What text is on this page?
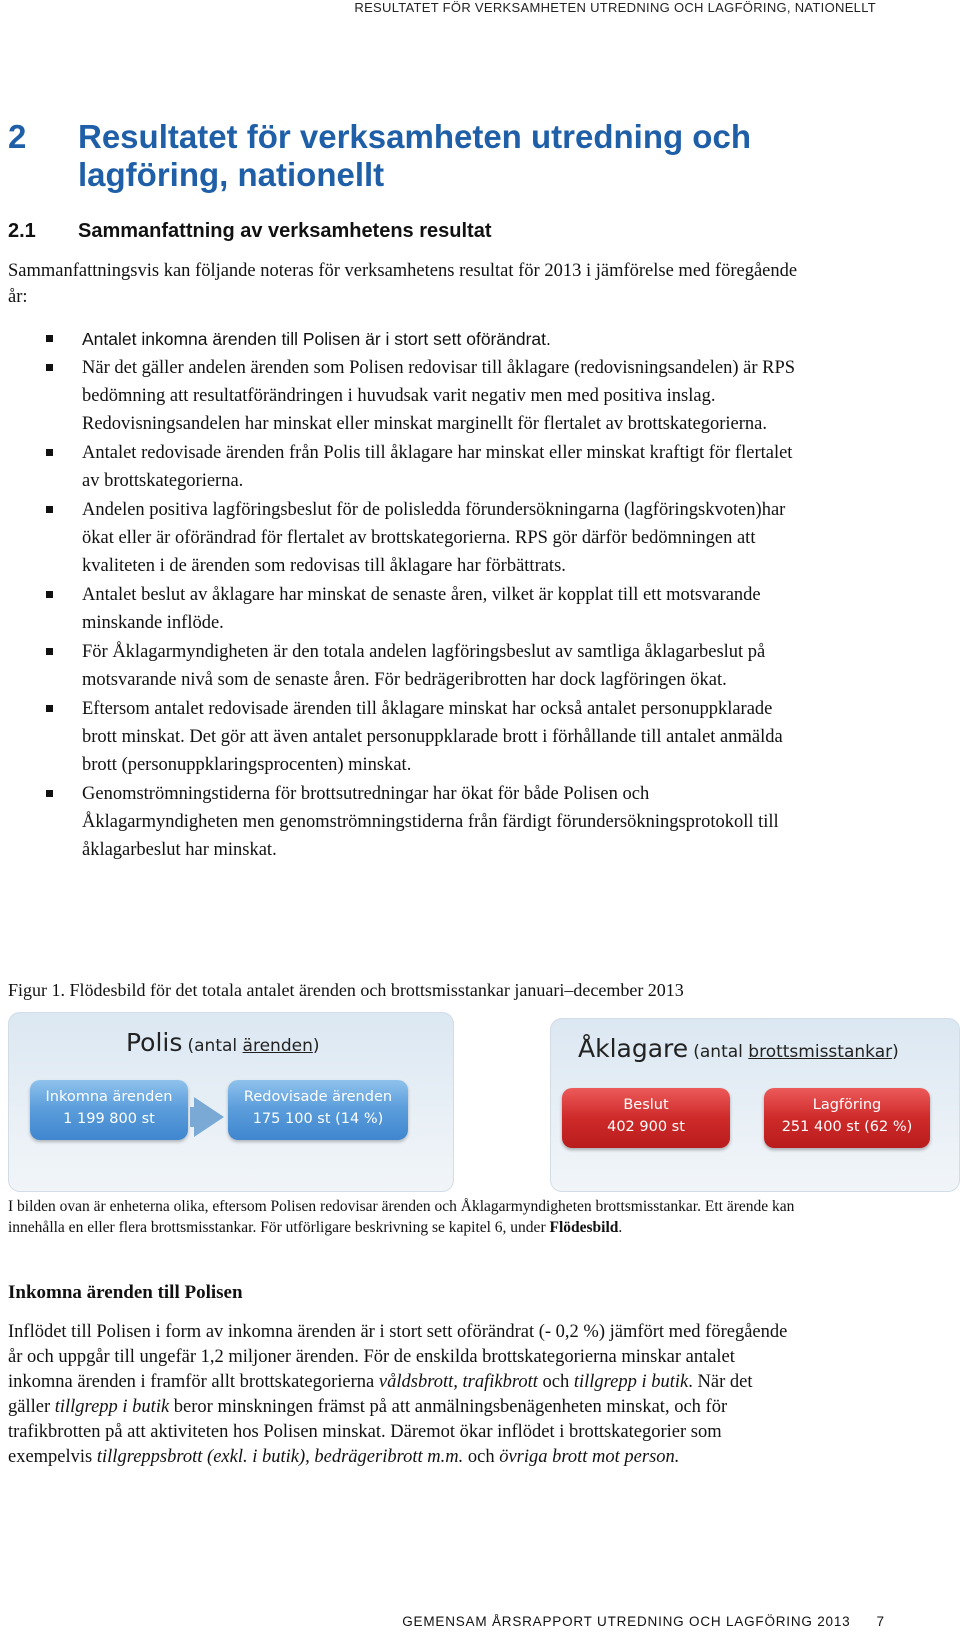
RESULTATET FÖR VERKSAMHETEN UTREDNING OCH LAGFÖRING, NATIONELLT
2 Resultatet för verksamheten utredning och lagföring, nationellt
2.1 Sammanfattning av verksamhetens resultat
Sammanfattningsvis kan följande noteras för verksamhetens resultat för 2013 i jämförelse med föregående år:
Antalet inkomna ärenden till Polisen är i stort sett oförändrat.
När det gäller andelen ärenden som Polisen redovisar till åklagare (redovisningsandelen) är RPS bedömning att resultatförändringen i huvudsak varit negativ men med positiva inslag. Redovisningsandelen har minskat eller minskat marginellt för flertalet av brottskategorierna.
Antalet redovisade ärenden från Polis till åklagare har minskat eller minskat kraftigt för flertalet av brottskategorierna.
Andelen positiva lagföringsbeslut för de polisledda förundersökningarna (lagföringskvoten)har ökat eller är oförändrad för flertalet av brottskategorierna. RPS gör därför bedömningen att kvaliteten i de ärenden som redovisas till åklagare har förbättrats.
Antalet beslut av åklagare har minskat de senaste åren, vilket är kopplat till ett motsvarande minskande inflöde.
För Åklagarmyndigheten är den totala andelen lagföringsbeslut av samtliga åklagarbeslut på motsvarande nivå som de senaste åren. För bedrägeribrotten har dock lagföringen ökat.
Eftersom antalet redovisade ärenden till åklagare minskat har också antalet personuppklarade brott minskat. Det gör att även antalet personuppklarade brott i förhållande till antalet anmälda brott (personuppklaringsprocenten) minskat.
Genomströmningstiderna för brottsutredningar har ökat för både Polisen och Åklagarmyndigheten men genomströmningstiderna från färdigt förundersökningsprotokoll till åklagarbeslut har minskat.
Figur 1. Flödesbild för det totala antalet ärenden och brottsmisstankar januari–december 2013
Polis (antal ärenden)
Inkomna ärenden
1 199 800 st
Redovisade ärenden
175 100 st (14 %)
Åklagare (antal brottsmisstankar)
Beslut
402 900 st
Lagföring
251 400 st (62 %)
I bilden ovan är enheterna olika, eftersom Polisen redovisar ärenden och Åklagarmyndigheten brottsmisstankar. Ett ärende kan innehålla en eller flera brottsmisstankar. För utförligare beskrivning se kapitel 6, under Flödesbild.
Inkomna ärenden till Polisen
Inflödet till Polisen i form av inkomna ärenden är i stort sett oförändrat (- 0,2 %) jämfört med föregående år och uppgår till ungefär 1,2 miljoner ärenden. För de enskilda brottskategorierna minskar antalet inkomna ärenden i framför allt brottskategorierna våldsbrott, trafikbrott och tillgrepp i butik. När det gäller tillgrepp i butik beror minskningen främst på att anmälningsbenägenheten minskat, och för trafikbrotten på att aktiviteten hos Polisen minskat. Däremot ökar inflödet i brottskategorier som exempelvis tillgreppsbrott (exkl. i butik), bedrägeribrott m.m. och övriga brott mot person.
GEMENSAM ÅRSRAPPORT UTREDNING OCH LAGFÖRING 2013 7
